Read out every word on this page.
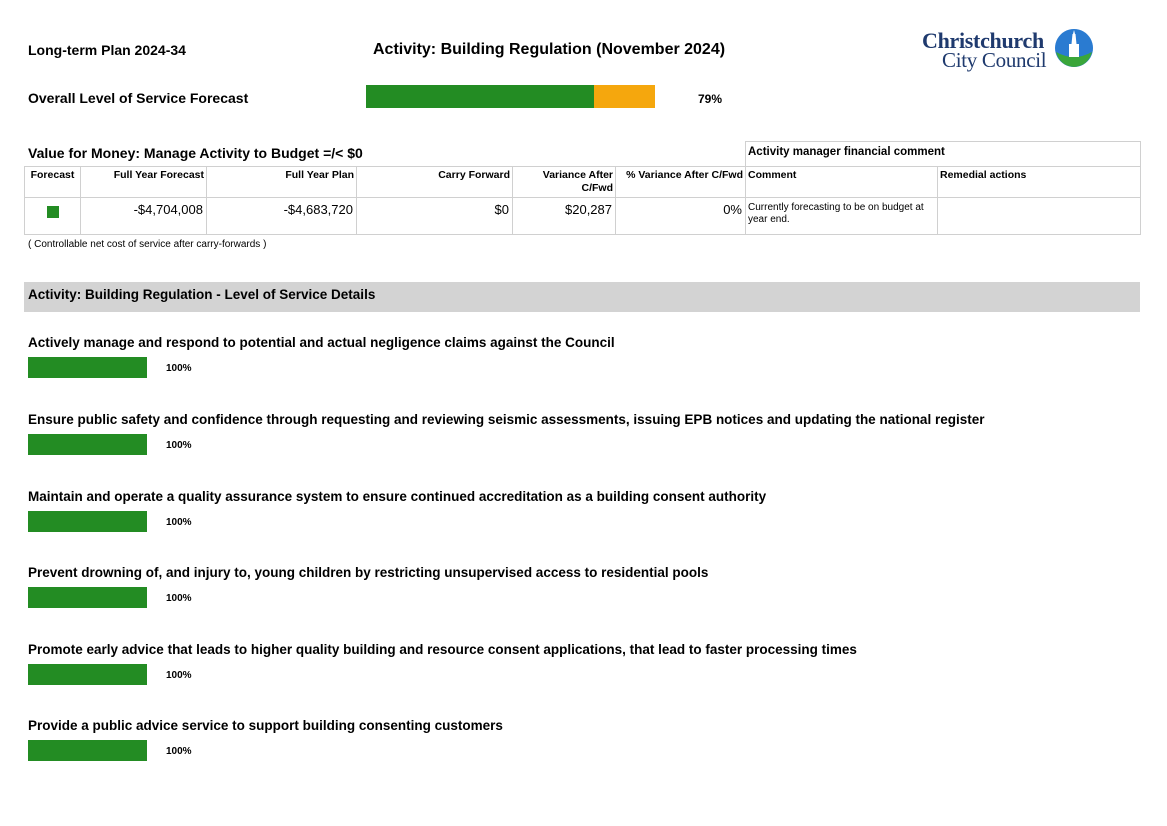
Long-term Plan 2024-34	Activity: Building Regulation (November 2024)	Christchurch
City Council
Overall Level of Service Forecast	79%
						Activity manager financial comment	
Forecast	Full Year Forecast	Full Year Plan	Carry Forward	Variance After C/Fwd	% Variance After C/Fwd	Comment	Remedial actions
	-$4,704,008	-$4,683,720	$0	$20,287	0%	Currently forecasting to be on budget at year end.	
Value for Money: Manage Activity to Budget =/< $0
( Controllable net cost of service after carry-forwards )
Activity: Building Regulation - Level of Service Details
Actively manage and respond to potential and actual negligence claims against the Council
100%
Ensure public safety and confidence through requesting and reviewing seismic assessments, issuing EPB notices and updating the national register
100%
Maintain and operate a quality assurance system to ensure continued accreditation as a building consent authority
100%
Prevent drowning of, and injury to, young children by restricting unsupervised access to residential pools
100%
Promote early advice that leads to higher quality building and resource consent applications, that lead to faster processing times
100%
Provide a public advice service to support building consenting customers
100%
